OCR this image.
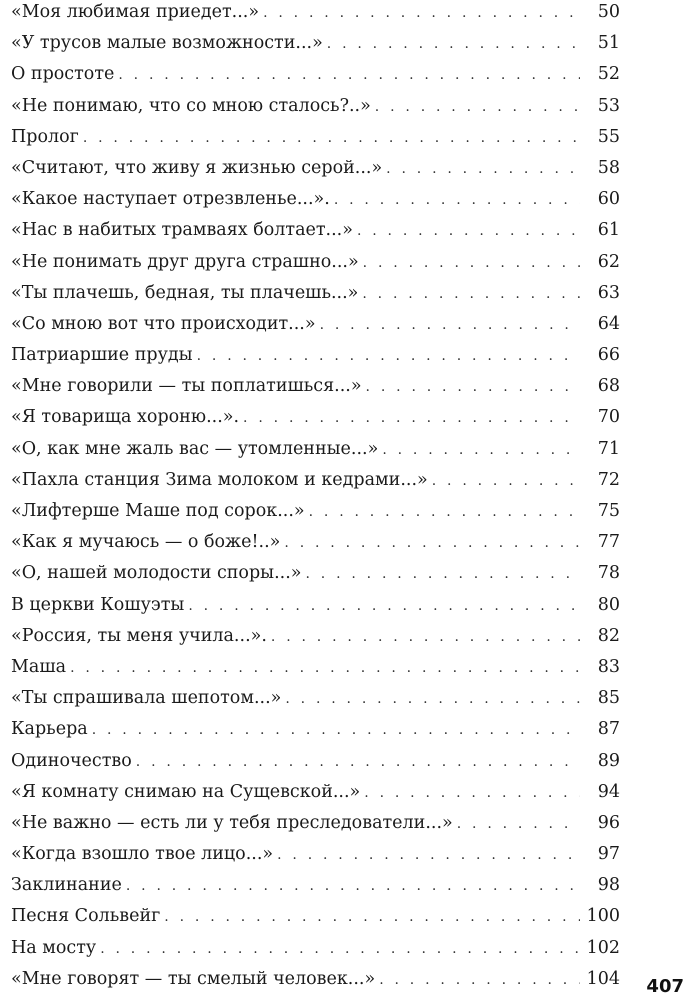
«Моя любимая приедет...» . . .	50
«У трусов малые возможности...» . . .	51
О простоте . . .	52
«Не понимаю, что со мною сталось?..» . . .	53
Пролог . . .	55
«Считают, что живу я жизнью серой...» . . .	58
«Какое наступает отрезвленье...». . . .	60
«Нас в набитых трамваях болтает...» . . .	61
«Не понимать друг друга страшно...» . . .	62
«Ты плачешь, бедная, ты плачешь...» . . .	63
«Со мною вот что происходит...» . . .	64
Патриаршие пруды . . .	66
«Мне говорили — ты поплатишься...» . . .	68
«Я товарища хороню...». . . .	70
«О, как мне жаль вас — утомленные...» . . .	71
«Пахла станция Зима молоком и кедрами...» . . .	72
«Лифтерше Маше под сорок...» . . .	75
«Как я мучаюсь — о боже!..» . . .	77
«О, нашей молодости споры...» . . .	78
В церкви Кошуэты . . .	80
«Россия, ты меня учила...». . . .	82
Маша . . .	83
«Ты спрашивала шепотом...» . . .	85
Карьера . . .	87
Одиночество . . .	89
«Я комнату снимаю на Сущевской...» . . .	94
«Не важно — есть ли у тебя преследователи...» . . .	96
«Когда взошло твое лицо...» . . .	97
Заклинание . . .	98
Песня Сольвейг . . .	100
На мосту . . .	102
«Мне говорят — ты смелый человек...» . . .	104 407
